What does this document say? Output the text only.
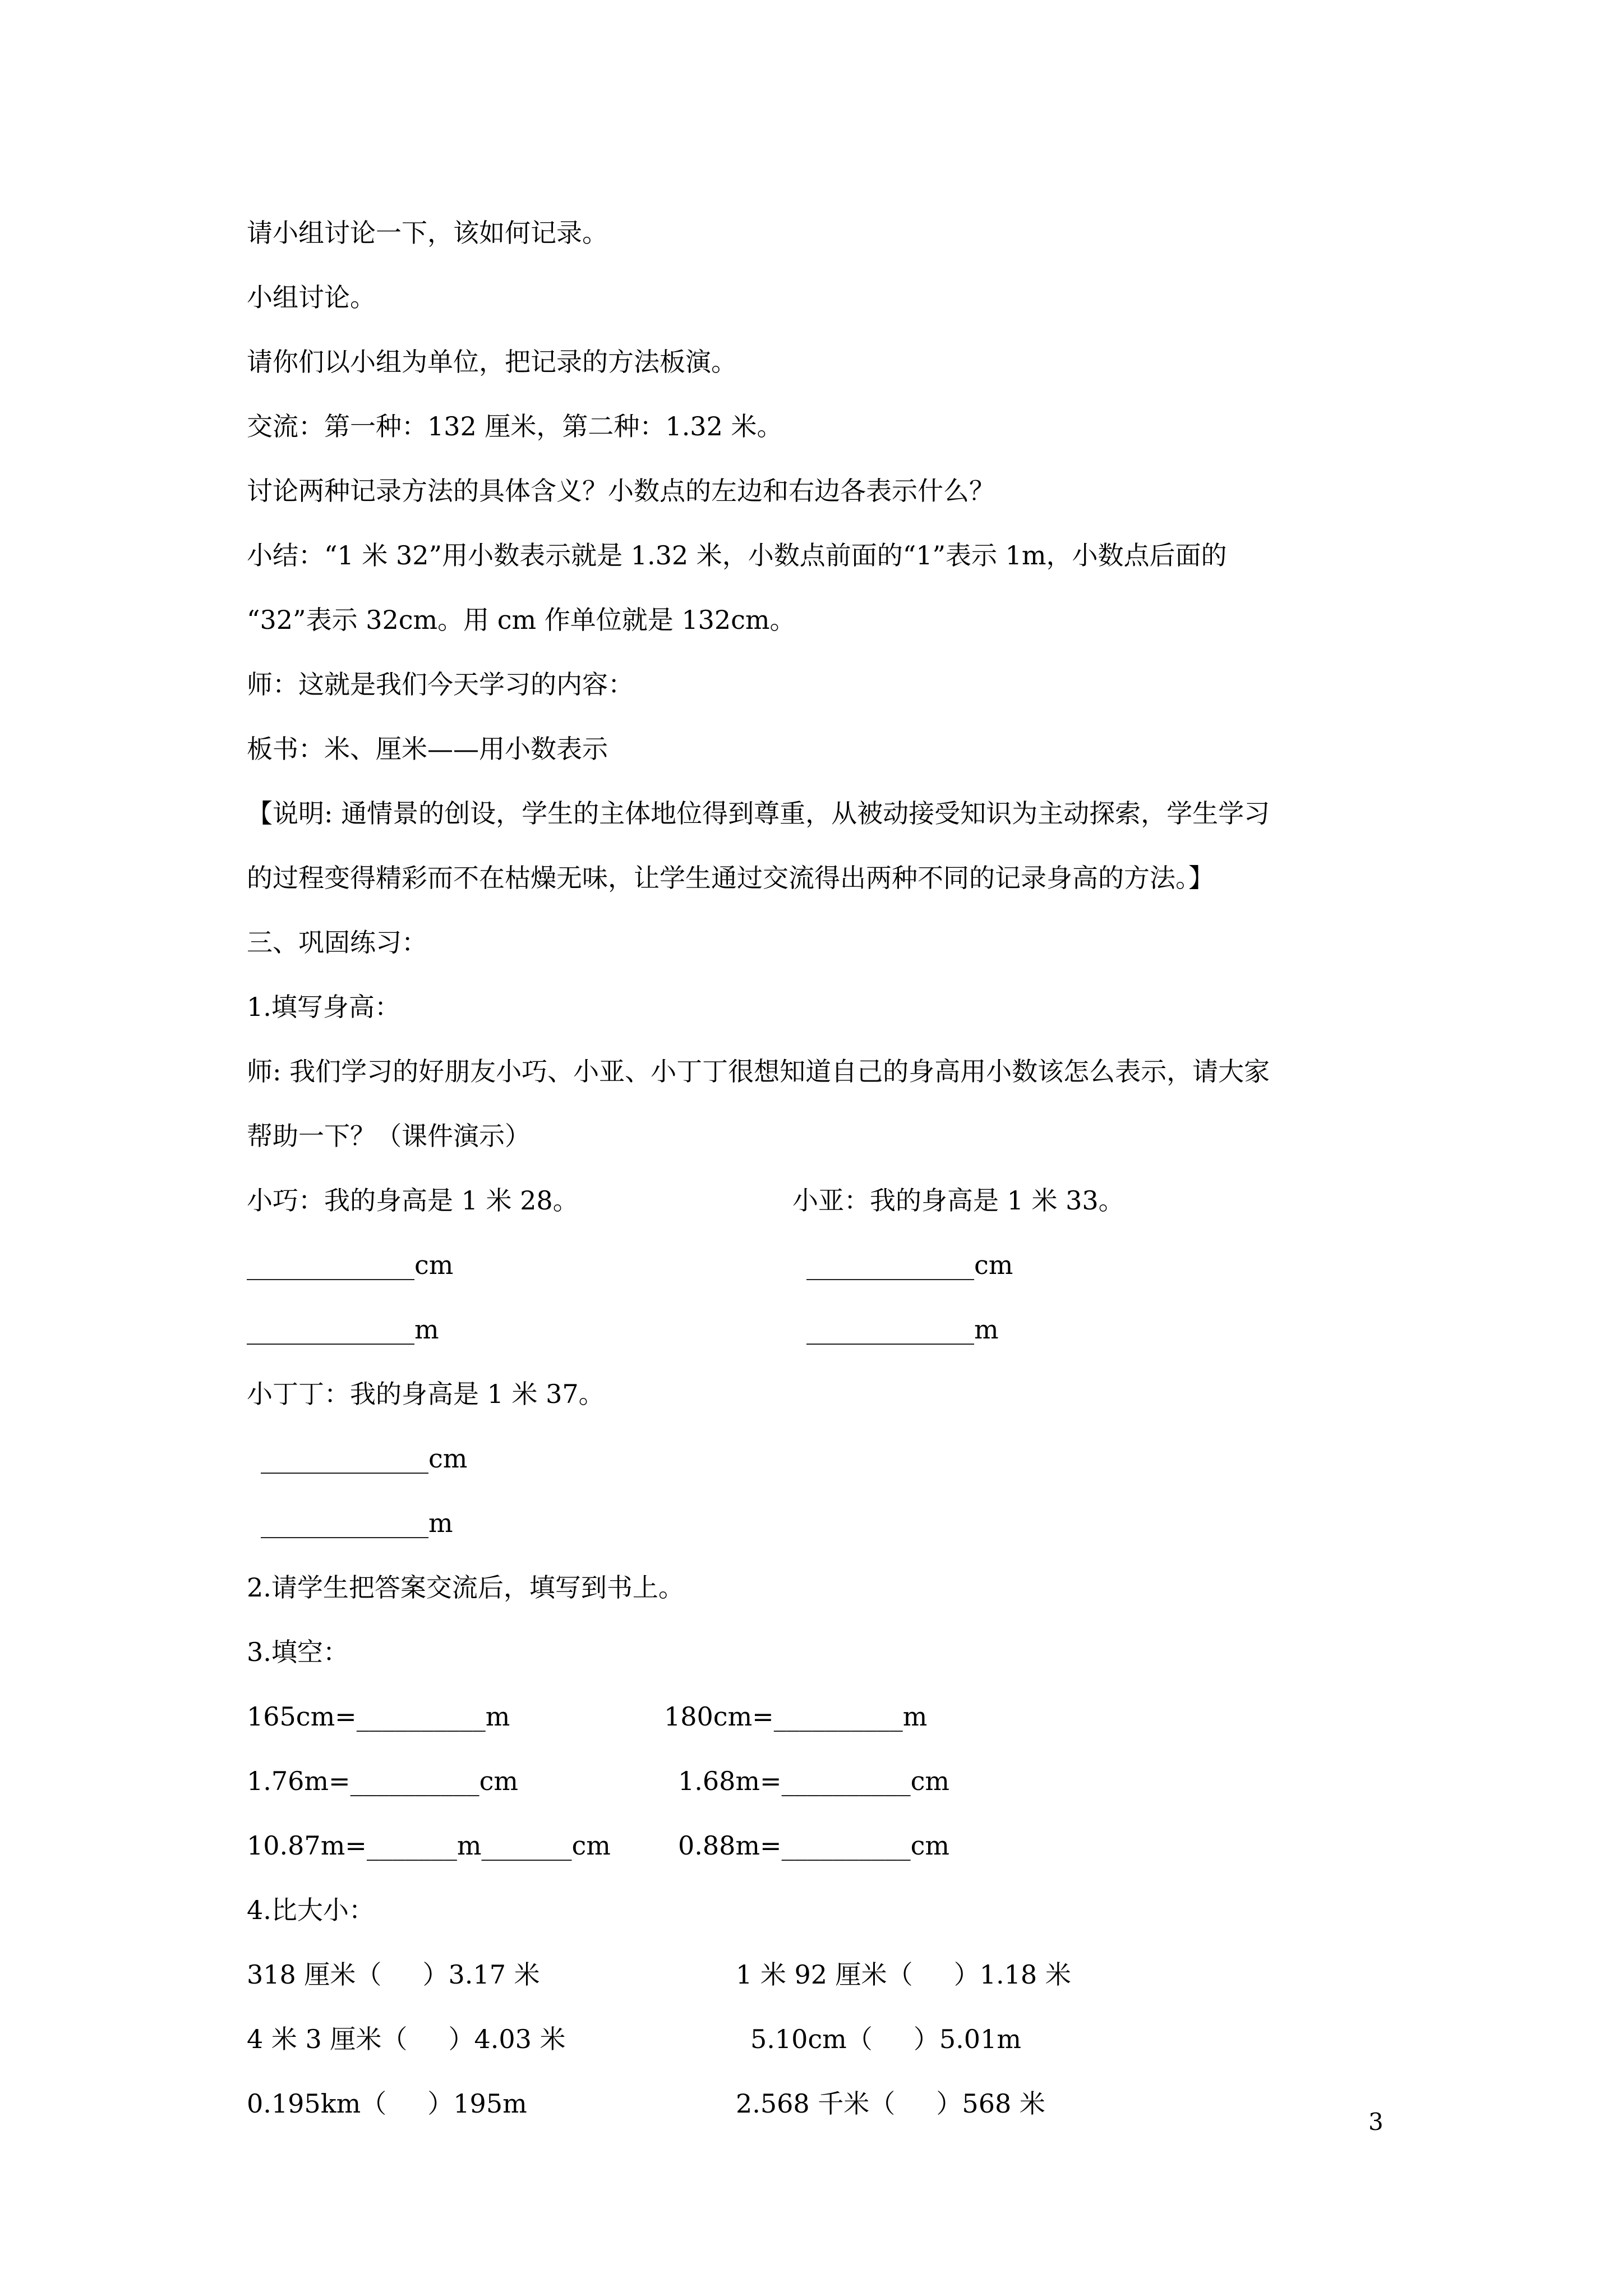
请小组讨论一下，该如何记录。
小组讨论。
请你们以小组为单位，把记录的方法板演。
交流：第一种：132 厘米，第二种：1.32 米。
讨论两种记录方法的具体含义？小数点的左边和右边各表示什么？
小结：“1 米 32”用小数表示就是 1.32 米，小数点前面的“1”表示 1m，小数点后面的
“32”表示 32cm。用 cm 作单位就是 132cm。
师：这就是我们今天学习的内容：
板书：米、厘米——用小数表示
【说明: 通情景的创设，学生的主体地位得到尊重，从被动接受知识为主动探索，学生学习
的过程变得精彩而不在枯燥无味，让学生通过交流得出两种不同的记录身高的方法。】
三、巩固练习：
1.填写身高：
师: 我们学习的好朋友小巧、小亚、小丁丁很想知道自己的身高用小数该怎么表示，请大家
帮助一下？（课件演示）
小巧：我的身高是 1 米 28。	小亚：我的身高是 1 米 33。
_____________cm	_____________cm
_____________m	_____________m
小丁丁：我的身高是 1 米 37。
_____________cm
_____________m
2.请学生把答案交流后，填写到书上。
3.填空：
165cm=__________m	180cm=__________m
1.76m=__________cm	1.68m=__________cm
10.87m=_______m_______cm	0.88m=__________cm
4.比大小：
318 厘米（     ）3.17 米	1 米 92 厘米（     ）1.18 米
4 米 3 厘米（     ）4.03 米	5.10cm（     ）5.01m
0.195km（     ）195m	2.568 千米（     ）568 米
3
